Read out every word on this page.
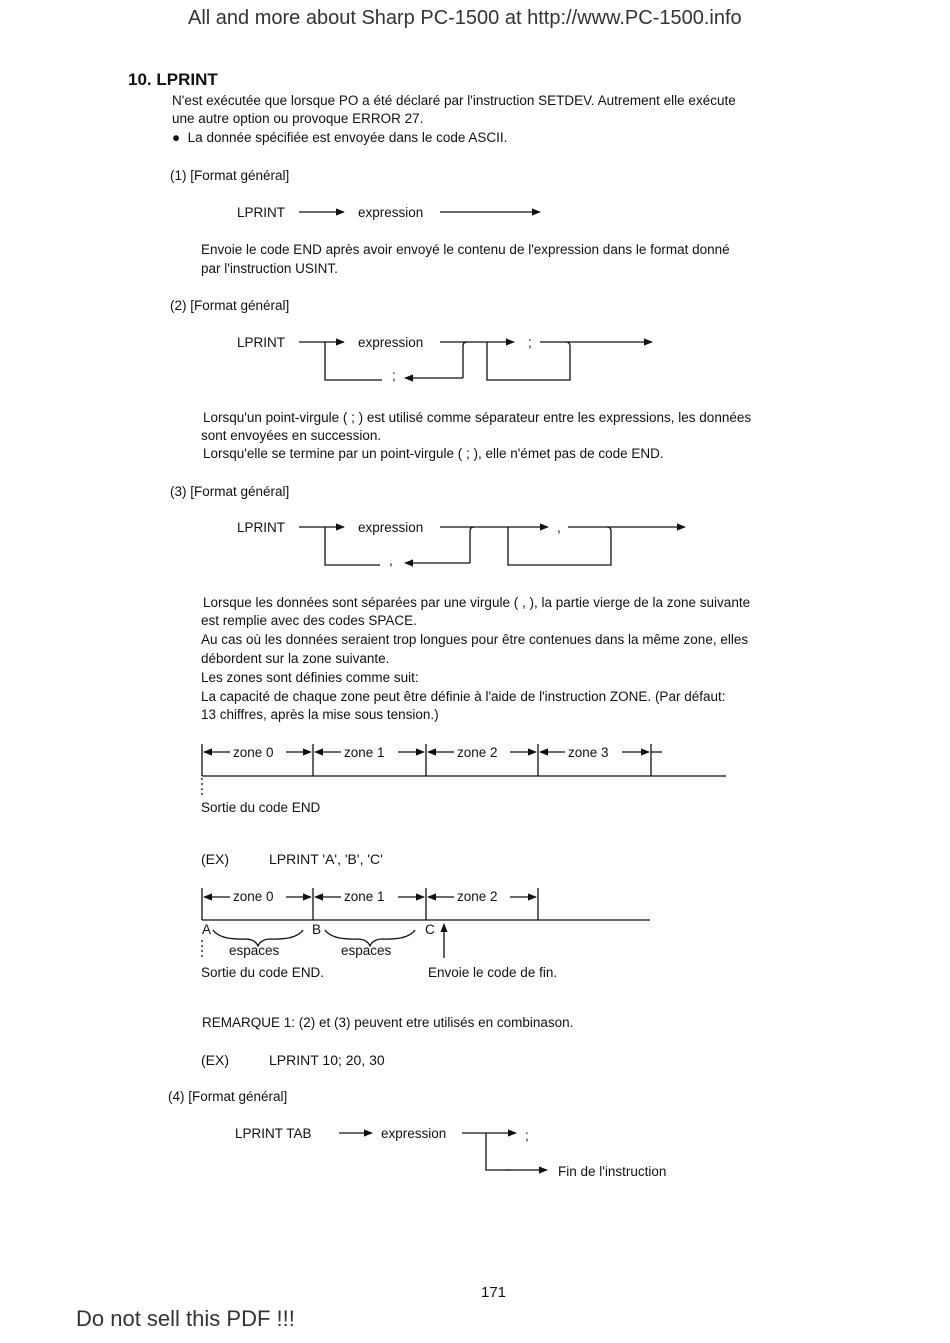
All and more about Sharp PC-1500 at http://www.PC-1500.info
10. LPRINT
N'est exécutée que lorsque PO a été déclaré par l'instruction SETDEV. Autrement elle exécute
une autre option ou provoque ERROR 27.
● La donnée spécifiée est envoyée dans le code ASCII.
(1) [Format général]
LPRINT	expression
Envoie le code END après avoir envoyé le contenu de l'expression dans le format donné
par l'instruction USINT.
(2) [Format général]
LPRINT	expression	;
;
Lorsqu'un point-virgule ( ; ) est utilisé comme séparateur entre les expressions, les données
sont envoyées en succession.
Lorsqu'elle se termine par un point-virgule ( ; ), elle n'émet pas de code END.
(3) [Format général]
LPRINT	expression	,
,
Lorsque les données sont séparées par une virgule ( , ), la partie vierge de la zone suivante
est remplie avec des codes SPACE.
Au cas où les données seraient trop longues pour être contenues dans la même zone, elles
débordent sur la zone suivante.
Les zones sont définies comme suit:
La capacité de chaque zone peut être définie à l'aide de l'instruction ZONE. (Par défaut:
13 chiffres, après la mise sous tension.)
zone 0	zone 1	zone 2	zone 3
Sortie du code END
(EX)	LPRINT 'A', 'B', 'C'
zone 0	zone 1	zone 2
A	B	C
espaces	espaces
Sortie du code END.	Envoie le code de fin.
REMARQUE 1: (2) et (3) peuvent etre utilisés en combinason.
(EX)	LPRINT 10; 20, 30
(4) [Format général]
LPRINT TAB	expression	;
Fin de l'instruction
171
Do not sell this PDF !!!
